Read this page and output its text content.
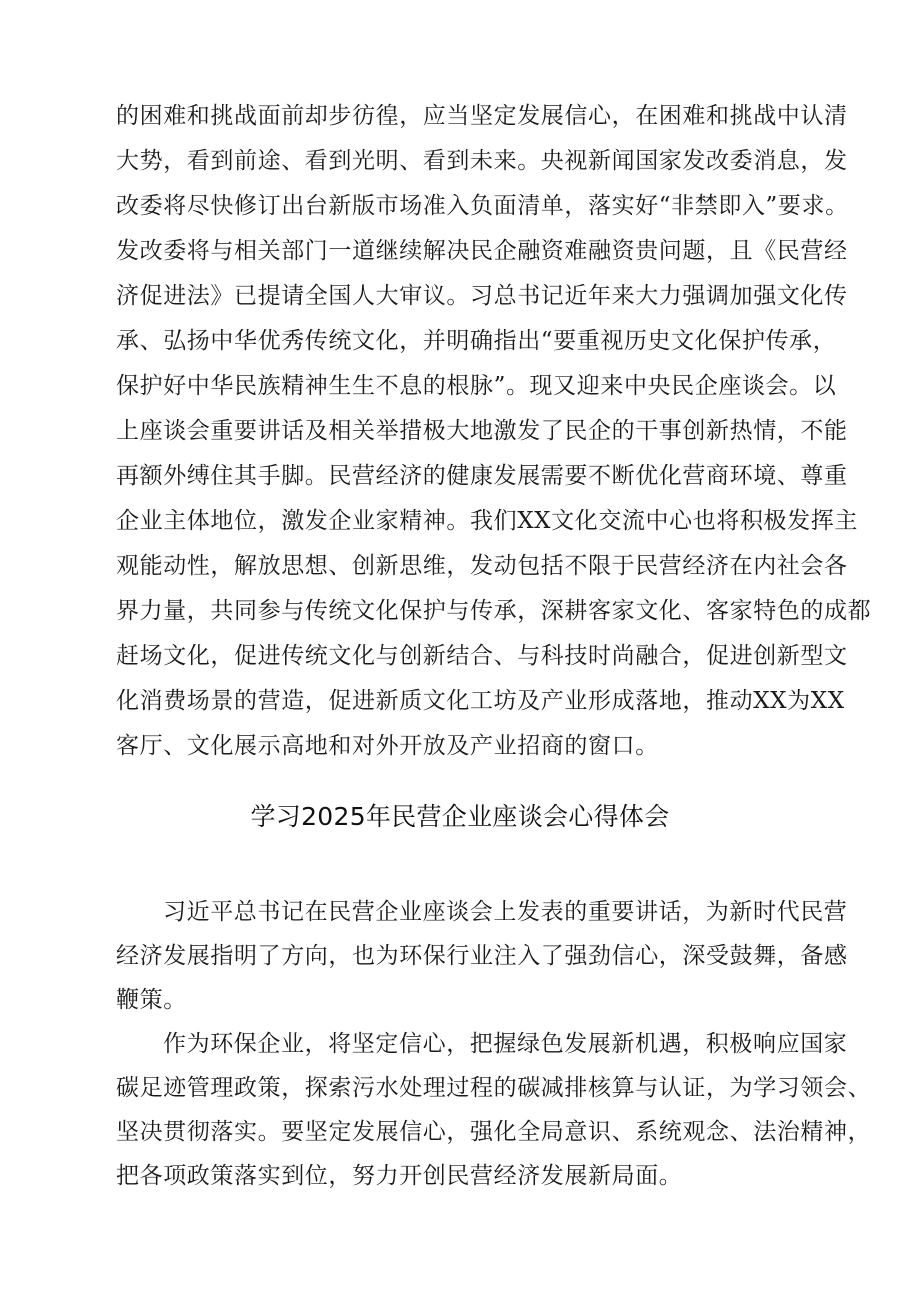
的困难和挑战面前却步彷徨，应当坚定发展信心，在困难和挑战中认清
大势，看到前途、看到光明、看到未来。央视新闻国家发改委消息，发
改委将尽快修订出台新版市场准入负面清单，落实好“非禁即入”要求。
发改委将与相关部门一道继续解决民企融资难融资贵问题，且《民营经
济促进法》已提请全国人大审议。习总书记近年来大力强调加强文化传
承、弘扬中华优秀传统文化，并明确指出“要重视历史文化保护传承，
保护好中华民族精神生生不息的根脉”。现又迎来中央民企座谈会。以
上座谈会重要讲话及相关举措极大地激发了民企的干事创新热情，不能
再额外缚住其手脚。民营经济的健康发展需要不断优化营商环境、尊重
企业主体地位，激发企业家精神。我们XX文化交流中心也将积极发挥主
观能动性，解放思想、创新思维，发动包括不限于民营经济在内社会各
界力量，共同参与传统文化保护与传承，深耕客家文化、客家特色的成都
赶场文化，促进传统文化与创新结合、与科技时尚融合，促进创新型文
化消费场景的营造，促进新质文化工坊及产业形成落地，推动XX为XX
客厅、文化展示高地和对外开放及产业招商的窗口。
学习2025年民营企业座谈会心得体会
习近平总书记在民营企业座谈会上发表的重要讲话，为新时代民营
经济发展指明了方向，也为环保行业注入了强劲信心，深受鼓舞，备感
鞭策。
作为环保企业，将坚定信心，把握绿色发展新机遇，积极响应国家
碳足迹管理政策，探索污水处理过程的碳减排核算与认证，为学习领会、
坚决贯彻落实。要坚定发展信心，强化全局意识、系统观念、法治精神，
把各项政策落实到位，努力开创民营经济发展新局面。
